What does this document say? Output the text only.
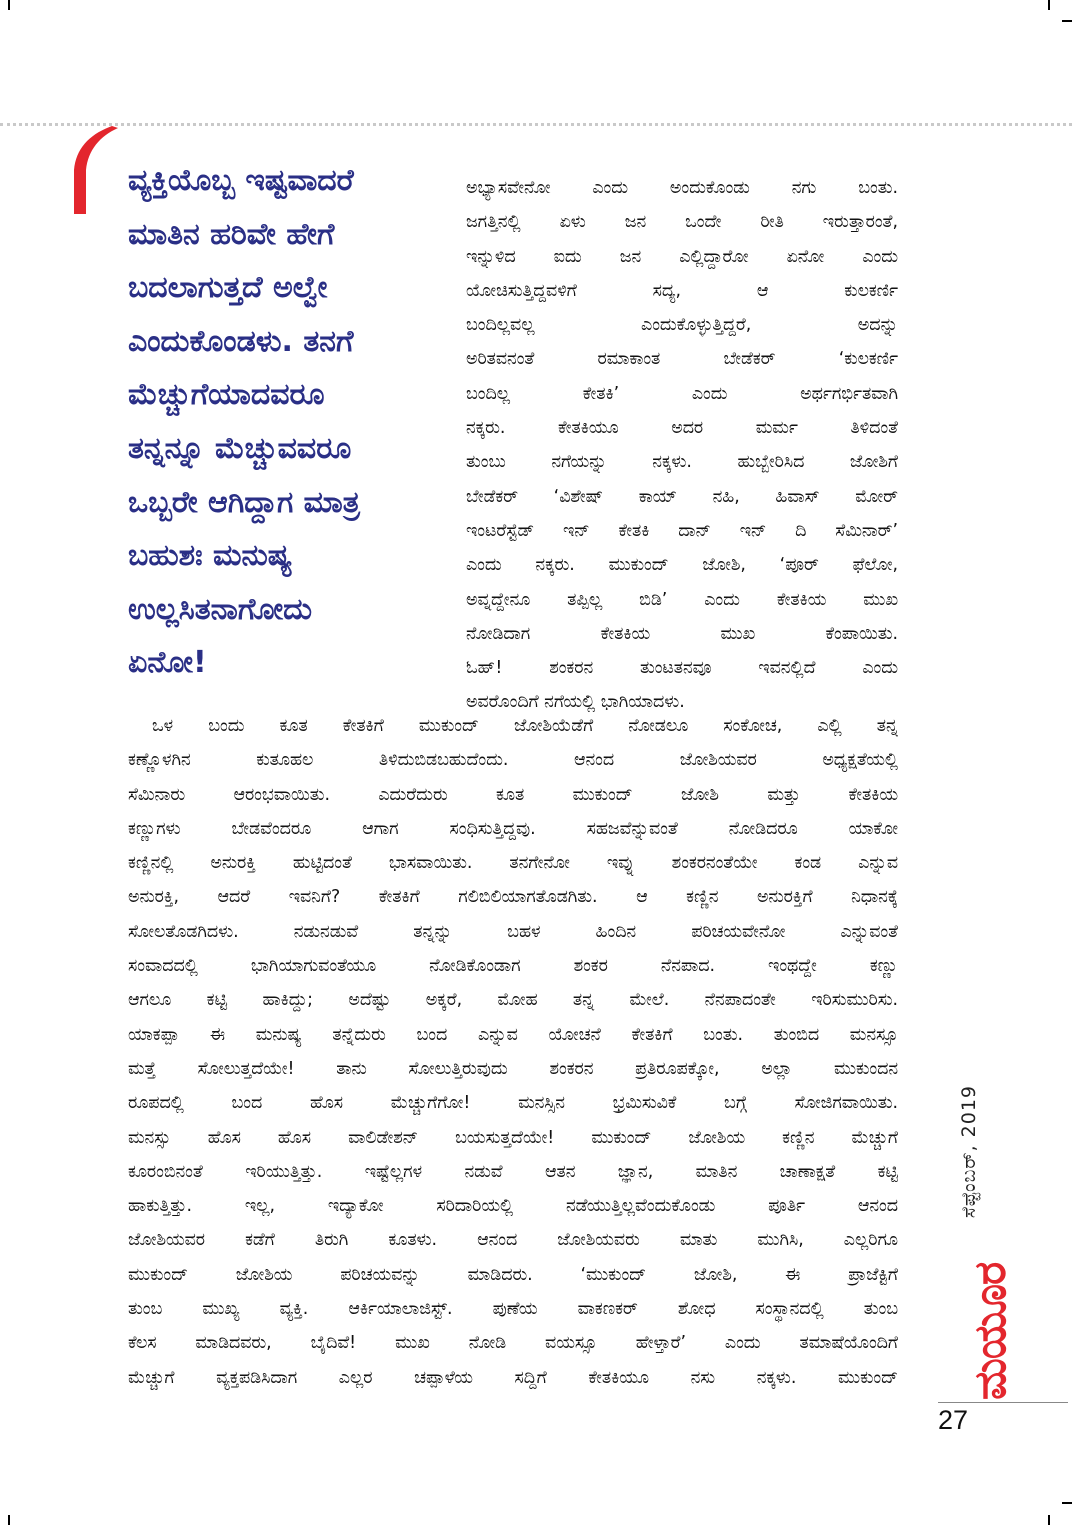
ವ್ಯಕ್ತಿಯೊಬ್ಬ ಇಷ್ಟವಾದರೆ
ಮಾತಿನ ಹರಿವೇ ಹೇಗೆ
ಬದಲಾಗುತ್ತದೆ ಅಲ್ವೇ
ಎಂದುಕೊಂಡಳು. ತನಗೆ
ಮೆಚ್ಚುಗೆಯಾದವರೂ
ತನ್ನನ್ನೂ ಮೆಚ್ಚುವವರೂ
ಒಬ್ಬರೇ ಆಗಿದ್ದಾಗ ಮಾತ್ರ
ಬಹುಶಃ ಮನುಷ್ಯ
ಉಲ್ಲಸಿತನಾಗೋದು
ಏನೋ!
ಅಭ್ಯಾಸವೇನೋ ಎಂದು ಅಂದುಕೊಂಡು ನಗು ಬಂತು.
ಜಗತ್ತಿನಲ್ಲಿ ಏಳು ಜನ ಒಂದೇ ರೀತಿ ಇರುತ್ತಾರಂತೆ,
ಇನ್ನುಳಿದ ಐದು ಜನ ಎಲ್ಲಿದ್ದಾರೋ ಏನೋ ಎಂದು
ಯೋಚಿಸುತ್ತಿದ್ದವಳಿಗೆ ಸದ್ಯ, ಆ ಕುಲಕರ್ಣಿ
ಬಂದಿಲ್ಲವಲ್ಲ ಎಂದುಕೊಳ್ಳುತ್ತಿದ್ದರೆ, ಅದನ್ನು
ಅರಿತವನಂತೆ ರಮಾಕಾಂತ ಬೇಡೆಕರ್ ‘ಕುಲಕರ್ಣಿ
ಬಂದಿಲ್ಲ ಕೇತಕಿ’ ಎಂದು ಅರ್ಥಗರ್ಭಿತವಾಗಿ
ನಕ್ಕರು. ಕೇತಕಿಯೂ ಅದರ ಮರ್ಮ ತಿಳಿದಂತೆ
ತುಂಬು ನಗೆಯನ್ನು ನಕ್ಕಳು. ಹುಬ್ಬೇರಿಸಿದ ಜೋಶಿಗೆ
ಬೇಡೆಕರ್ ‘ವಿಶೇಷ್ ಕಾಯ್ ನಹಿ, ಹಿವಾಸ್ ಮೋರ್
ಇಂಟರೆಸ್ಟೆಡ್ ಇನ್ ಕೇತಕಿ ದಾನ್ ಇನ್ ದಿ ಸೆಮಿನಾರ್’
ಎಂದು ನಕ್ಕರು. ಮುಕುಂದ್ ಜೋಶಿ, ‘ಪೂರ್ ಫೆಲೋ,
ಅವ್ನದ್ದೇನೂ ತಪ್ಪಿಲ್ಲ ಬಿಡಿ’ ಎಂದು ಕೇತಕಿಯ ಮುಖ
ನೋಡಿದಾಗ ಕೇತಕಿಯ ಮುಖ ಕೆಂಪಾಯಿತು.
ಓಹ್! ಶಂಕರನ ತುಂಟತನವೂ ಇವನಲ್ಲಿದೆ ಎಂದು
ಅವರೊಂದಿಗೆ ನಗೆಯಲ್ಲಿ ಭಾಗಿಯಾದಳು.
ಒಳ ಬಂದು ಕೂತ ಕೇತಕಿಗೆ ಮುಕುಂದ್ ಜೋಶಿಯೆಡೆಗೆ ನೋಡಲೂ ಸಂಕೋಚ, ಎಲ್ಲಿ ತನ್ನ
ಕಣ್ಣೊಳಗಿನ ಕುತೂಹಲ ತಿಳಿದುಬಿಡಬಹುದೆಂದು. ಆನಂದ ಜೋಶಿಯವರ ಅಧ್ಯಕ್ಷತೆಯಲ್ಲಿ
ಸೆಮಿನಾರು ಆರಂಭವಾಯಿತು. ಎದುರೆದುರು ಕೂತ ಮುಕುಂದ್ ಜೋಶಿ ಮತ್ತು ಕೇತಕಿಯ
ಕಣ್ಣುಗಳು ಬೇಡವೆಂದರೂ ಆಗಾಗ ಸಂಧಿಸುತ್ತಿದ್ದವು. ಸಹಜವೆನ್ನುವಂತೆ ನೋಡಿದರೂ ಯಾಕೋ
ಕಣ್ಣಿನಲ್ಲಿ ಅನುರಕ್ತಿ ಹುಟ್ಟಿದಂತೆ ಭಾಸವಾಯಿತು. ತನಗೇನೋ ಇವ್ನು ಶಂಕರನಂತೆಯೇ ಕಂಡ ಎನ್ನುವ
ಅನುರಕ್ತಿ, ಆದರೆ ಇವನಿಗೆ? ಕೇತಕಿಗೆ ಗಲಿಬಿಲಿಯಾಗತೊಡಗಿತು. ಆ ಕಣ್ಣಿನ ಅನುರಕ್ತಿಗೆ ನಿಧಾನಕ್ಕೆ
ಸೋಲತೊಡಗಿದಳು. ನಡುನಡುವೆ ತನ್ನನ್ನು ಬಹಳ ಹಿಂದಿನ ಪರಿಚಯವೇನೋ ಎನ್ನುವಂತೆ
ಸಂವಾದದಲ್ಲಿ ಭಾಗಿಯಾಗುವಂತೆಯೂ ನೋಡಿಕೊಂಡಾಗ ಶಂಕರ ನೆನಪಾದ. ಇಂಥದ್ದೇ ಕಣ್ಣು
ಆಗಲೂ ಕಟ್ಟಿ ಹಾಕಿದ್ದು; ಅದೆಷ್ಟು ಅಕ್ಕರೆ, ಮೋಹ ತನ್ನ ಮೇಲೆ. ನೆನಪಾದಂತೇ ಇರಿಸುಮುರಿಸು.
ಯಾಕಪ್ಪಾ ಈ ಮನುಷ್ಯ ತನ್ನೆದುರು ಬಂದ ಎನ್ನುವ ಯೋಚನೆ ಕೇತಕಿಗೆ ಬಂತು. ತುಂಬಿದ ಮನಸ್ಸೂ
ಮತ್ತೆ ಸೋಲುತ್ತದೆಯೇ! ತಾನು ಸೋಲುತ್ತಿರುವುದು ಶಂಕರನ ಪ್ರತಿರೂಪಕ್ಕೋ, ಅಲ್ಲಾ ಮುಕುಂದನ
ರೂಪದಲ್ಲಿ ಬಂದ ಹೊಸ ಮೆಚ್ಚುಗೆಗೋ! ಮನಸ್ಸಿನ ಭ್ರಮಿಸುವಿಕೆ ಬಗ್ಗೆ ಸೋಜಿಗವಾಯಿತು.
ಮನಸ್ಸು ಹೊಸ ಹೊಸ ವಾಲಿಡೇಶನ್ ಬಯಸುತ್ತದೆಯೇ! ಮುಕುಂದ್ ಜೋಶಿಯ ಕಣ್ಣಿನ ಮೆಚ್ಚುಗೆ
ಕೂರಂಬಿನಂತೆ ಇರಿಯುತ್ತಿತ್ತು. ಇಷ್ಟೆಲ್ಲಗಳ ನಡುವೆ ಆತನ ಜ್ಞಾನ, ಮಾತಿನ ಚಾಣಾಕ್ಷತೆ ಕಟ್ಟಿ
ಹಾಕುತ್ತಿತ್ತು. ಇಲ್ಲ, ಇದ್ಯಾಕೋ ಸರಿದಾರಿಯಲ್ಲಿ ನಡೆಯುತ್ತಿಲ್ಲವೆಂದುಕೊಂಡು ಪೂರ್ತಿ ಆನಂದ
ಜೋಶಿಯವರ ಕಡೆಗೆ ತಿರುಗಿ ಕೂತಳು. ಆನಂದ ಜೋಶಿಯವರು ಮಾತು ಮುಗಿಸಿ, ಎಲ್ಲರಿಗೂ
ಮುಕುಂದ್ ಜೋಶಿಯ ಪರಿಚಯವನ್ನು ಮಾಡಿದರು. ‘ಮುಕುಂದ್ ಜೋಶಿ, ಈ ಪ್ರಾಜೆಕ್ಟಿಗೆ
ತುಂಬ ಮುಖ್ಯ ವ್ಯಕ್ತಿ. ಆರ್ಕಿಯಾಲಾಜಿಸ್ಟ್. ಪುಣೆಯ ವಾಕಣಕರ್ ಶೋಧ ಸಂಸ್ಥಾನದಲ್ಲಿ ತುಂಬ
ಕೆಲಸ ಮಾಡಿದವರು, ಬೈದಿವೆ! ಮುಖ ನೋಡಿ ವಯಸ್ಸೂ ಹೇಳ್ತಾರೆ’ ಎಂದು ತಮಾಷೆಯೊಂದಿಗೆ
ಮೆಚ್ಚುಗೆ ವ್ಯಕ್ತಪಡಿಸಿದಾಗ ಎಲ್ಲರ ಚಪ್ಪಾಳೆಯ ಸದ್ದಿಗೆ ಕೇತಕಿಯೂ ನಸು ನಕ್ಕಳು. ಮುಕುಂದ್
ಸೆಪ್ಟೆಂಬರ್, 2019
ಮಯೂರ
27
